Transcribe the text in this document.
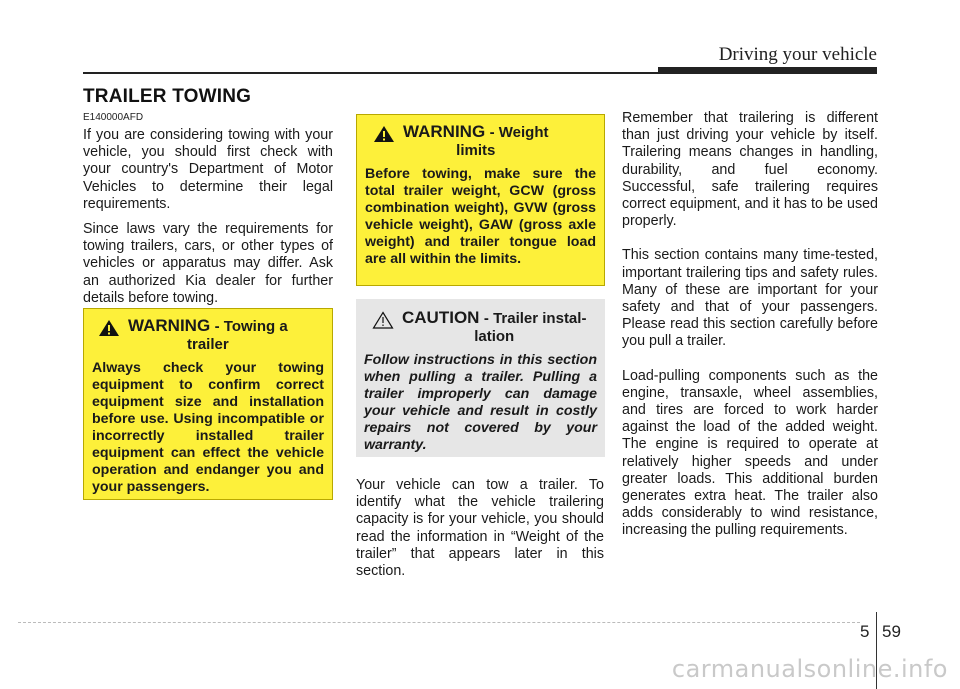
Driving your vehicle
TRAILER TOWING
E140000AFD

If you are considering towing with your vehicle, you should first check with your country's Department of Motor Vehicles to determine their legal requirements.

Since laws vary the requirements for towing trailers, cars, or other types of vehicles or apparatus may differ. Ask an authorized Kia dealer for further details before towing.

WARNING - Towing a
trailer
Always check your towing equipment to confirm correct equipment size and installation before use. Using incompatible or incorrectly installed trailer equipment can effect the vehicle operation and endanger you and your passengers.
WARNING - Weight
limits
Before towing, make sure the total trailer weight, GCW (gross combination weight), GVW (gross vehicle weight), GAW (gross axle weight) and trailer tongue load are all within the limits.
CAUTION - Trailer instal-
lation
Follow instructions in this section when pulling a trailer. Pulling a trailer improperly can damage your vehicle and result in costly repairs not covered by your warranty.

Your vehicle can tow a trailer. To identify what the vehicle trailering capacity is for your vehicle, you should read the information in “Weight of the trailer” that appears later in this section.

Remember that trailering is different than just driving your vehicle by itself. Trailering means changes in handling, durability, and fuel economy. Successful, safe trailering requires correct equipment, and it has to be used properly.

This section contains many time-tested, important trailering tips and safety rules. Many of these are important for your safety and that of your passengers. Please read this section carefully before you pull a trailer.

Load-pulling components such as the engine, transaxle, wheel assemblies, and tires are forced to work harder against the load of the added weight. The engine is required to operate at relatively higher speeds and under greater loads. This additional burden generates extra heat. The trailer also adds considerably to wind resistance, increasing the pulling requirements.

5 59
carmanualsonline.info
